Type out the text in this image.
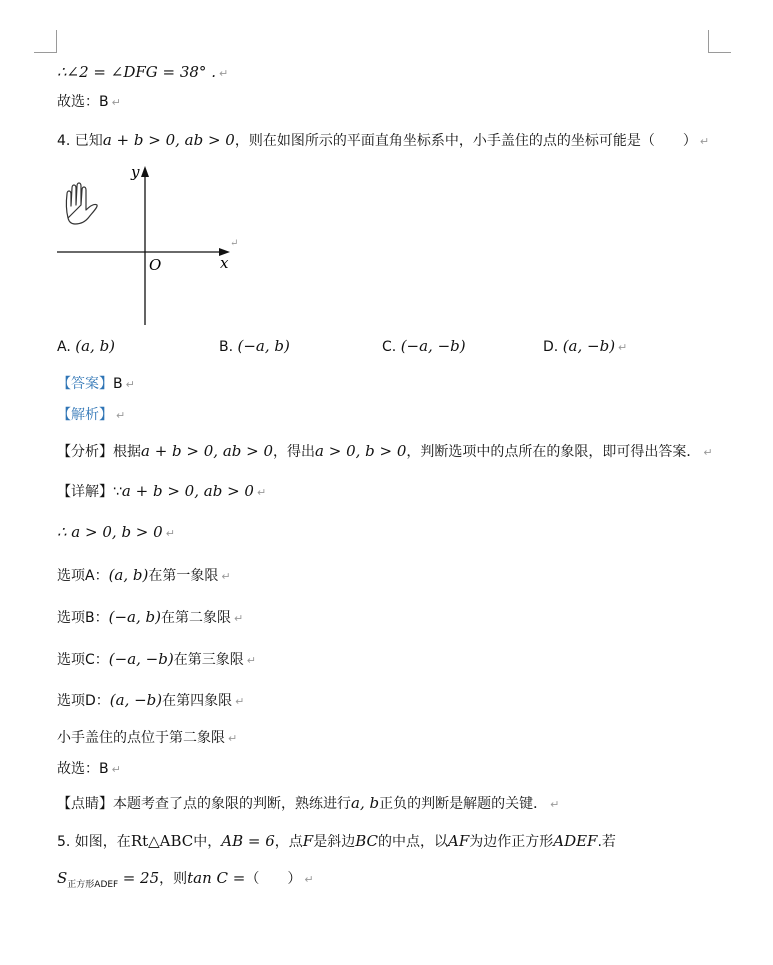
∴∠2 = ∠DFG = 38° . ↵
故选：B ↵
4. 已知a + b > 0, ab > 0，则在如图所示的平面直角坐标系中，小手盖住的点的坐标可能是（　　） ↵
y
x
O
↵
A. (a, b)	B. (−a, b)	C. (−a, −b)	D. (a, −b) ↵
【答案】B ↵
【解析】 ↵
【分析】根据a + b > 0, ab > 0，得出a > 0, b > 0，判断选项中的点所在的象限，即可得出答案． ↵
【详解】∵a + b > 0, ab > 0 ↵
∴ a > 0, b > 0 ↵
选项A：(a, b)在第一象限 ↵
选项B：(−a, b)在第二象限 ↵
选项C：(−a, −b)在第三象限 ↵
选项D：(a, −b)在第四象限 ↵
小手盖住的点位于第二象限 ↵
故选：B ↵
【点睛】本题考查了点的象限的判断，熟练进行a, b正负的判断是解题的关键． ↵
5. 如图，在Rt△ABC中，AB = 6，点F是斜边BC的中点，以AF为边作正方形ADEF.若
$S_{正方形ADEF} = 25$，则tan C =（　　） ↵
